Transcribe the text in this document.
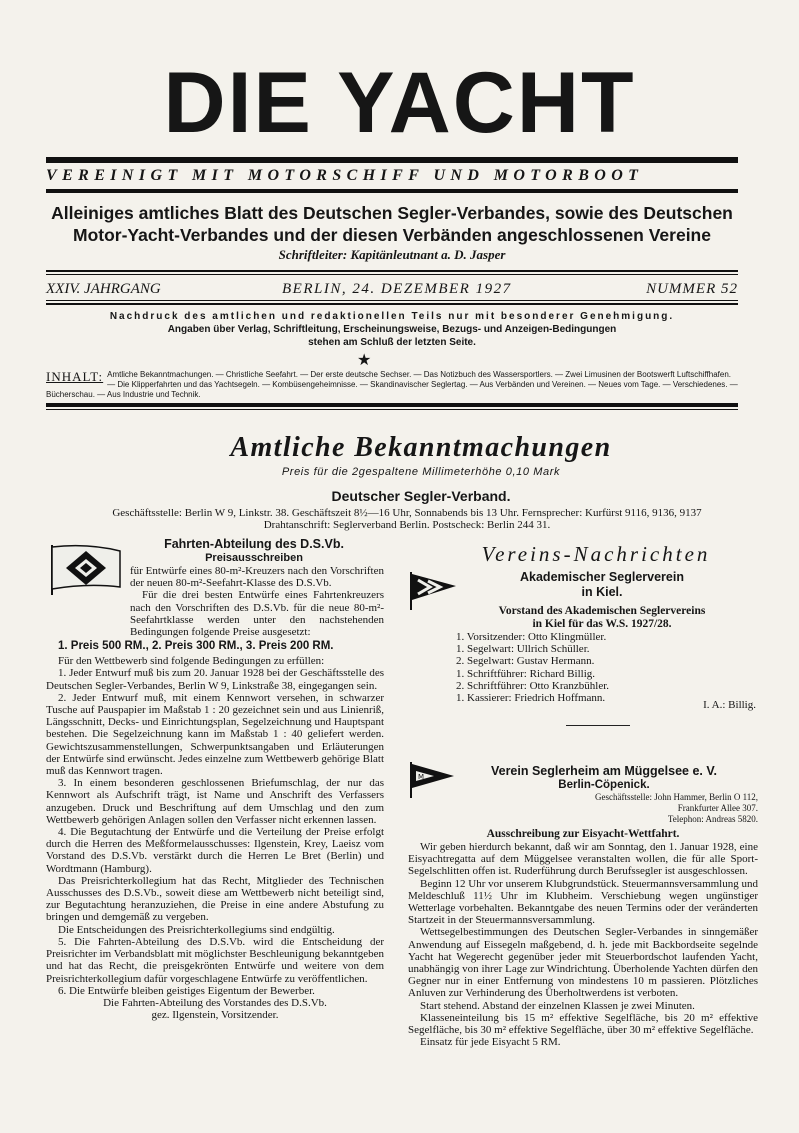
DIE YACHT
VEREINIGT MIT MOTORSCHIFF UND MOTORBOOT
Alleiniges amtliches Blatt des Deutschen Segler-Verbandes, sowie des Deutschen
Motor-Yacht-Verbandes und der diesen Verbänden angeschlossenen Vereine
Schriftleiter: Kapitänleutnant a. D. Jasper
XXIV. JAHRGANG	BERLIN, 24. DEZEMBER 1927	NUMMER 52
Nachdruck des amtlichen und redaktionellen Teils nur mit besonderer Genehmigung.
Angaben über Verlag, Schriftleitung, Erscheinungsweise, Bezugs- und Anzeigen-Bedingungen
stehen am Schluß der letzten Seite.
★
INHALT: Amtliche Bekanntmachungen. — Christliche Seefahrt. — Der erste deutsche Sechser. — Das Notizbuch des Wassersportlers. — Zwei Limusinen der Bootswerft Luftschiffhafen. — Die Klipperfahrten und das Yachtsegeln. — Kombüsengeheimnisse. — Skandinavischer Seglertag. — Aus Verbänden und Vereinen. — Neues vom Tage. — Verschiedenes. — Bücherschau. — Aus Industrie und Technik.
Amtliche Bekanntmachungen
Preis für die 2gespaltene Millimeterhöhe 0,10 Mark
Deutscher Segler-Verband.
Geschäftsstelle: Berlin W 9, Linkstr. 38. Geschäftszeit 8½—16 Uhr, Sonnabends bis 13 Uhr. Fernsprecher: Kurfürst 9116, 9136, 9137
Drahtanschrift: Seglerverband Berlin. Postscheck: Berlin 244 31.
Fahrten-Abteilung des D.S.Vb.
Preisausschreiben

für Entwürfe eines 80-m²-Kreuzers nach den Vorschriften der neuen 80-m²-Seefahrt-Klasse des D.S.Vb.

Für die drei besten Entwürfe eines Fahrtenkreuzers nach den Vorschriften des D.S.Vb. für die neue 80-m²-Seefahrtklasse werden unter den nachstehenden Bedingungen folgende Preise ausgesetzt:

1. Preis 500 RM., 2. Preis 300 RM., 3. Preis 200 RM.

Für den Wettbewerb sind folgende Bedingungen zu erfüllen:

1. Jeder Entwurf muß bis zum 20. Januar 1928 bei der Geschäftsstelle des Deutschen Segler-Verbandes, Berlin W 9, Linkstraße 38, eingegangen sein.

2. Jeder Entwurf muß, mit einem Kennwort versehen, in schwarzer Tusche auf Pauspapier im Maßstab 1 : 20 gezeichnet sein und aus Linienriß, Längsschnitt, Decks- und Einrichtungsplan, Segelzeichnung und Hauptspant bestehen. Die Segelzeichnung kann im Maßstab 1 : 40 geliefert werden. Gewichtszusammenstellungen, Schwerpunktsangaben und Erläuterungen der Entwürfe sind erwünscht. Jedes einzelne zum Wettbewerb gehörige Blatt muß das Kennwort tragen.

3. In einem besonderen geschlossenen Briefumschlag, der nur das Kennwort als Aufschrift trägt, ist Name und Anschrift des Verfassers anzugeben. Druck und Beschriftung auf dem Umschlag und den zum Wettbewerb gehörigen Anlagen sollen den Verfasser nicht erkennen lassen.

4. Die Begutachtung der Entwürfe und die Verteilung der Preise erfolgt durch die Herren des Meßformelausschusses: Ilgenstein, Krey, Laeisz vom Vorstand des D.S.Vb. verstärkt durch die Herren Le Bret (Berlin) und Wordtmann (Hamburg).

Das Preisrichterkollegium hat das Recht, Mitglieder des Technischen Ausschusses des D.S.Vb., soweit diese am Wettbewerb nicht beteiligt sind, zur Begutachtung heranzuziehen, die Preise in eine andere Abstufung zu bringen und demgemäß zu vergeben.

Die Entscheidungen des Preisrichterkollegiums sind endgültig.

5. Die Fahrten-Abteilung des D.S.Vb. wird die Entscheidung der Preisrichter im Verbandsblatt mit möglichster Beschleunigung bekanntgeben und hat das Recht, die preisgekrönten Entwürfe und weitere von dem Preisrichterkollegium dafür vorgeschlagene Entwürfe zu veröffentlichen.

6. Die Entwürfe bleiben geistiges Eigentum der Bewerber.

Die Fahrten-Abteilung des Vorstandes des D.S.Vb.

gez. Ilgenstein, Vorsitzender.

Vereins-Nachrichten
Akademischer Seglerverein
in Kiel.
Vorstand des Akademischen Seglervereins
in Kiel für das W.S. 1927/28.
1. Vorsitzender: Otto Klingmüller.
1. Segelwart: Ullrich Schüller.
2. Segelwart: Gustav Hermann.
1. Schriftführer: Richard Billig.
2. Schriftführer: Otto Kranzbühler.
1. Kassierer: Friedrich Hoffmann.
I. A.: Billig.
M	Verein Seglerheim am Müggelsee e. V.
Berlin-Cöpenick.
Geschäftsstelle: John Hammer, Berlin O 112,
Frankfurter Allee 307.
Telephon: Andreas 5820.
Ausschreibung zur Eisyacht-Wettfahrt.

Wir geben hierdurch bekannt, daß wir am Sonntag, den 1. Januar 1928, eine Eisyachtregatta auf dem Müggelsee veranstalten wollen, die für alle Sport-Segelschlitten offen ist. Ruderführung durch Berufssegler ist ausgeschlossen.

Beginn 12 Uhr vor unserem Klubgrundstück. Steuermannsversammlung und Meldeschluß 11½ Uhr im Klubheim. Verschiebung wegen ungünstiger Wetterlage vorbehalten. Bekanntgabe des neuen Termins oder der veränderten Startzeit in der Steuermannsversammlung.

Wettsegelbestimmungen des Deutschen Segler-Verbandes in sinngemäßer Anwendung auf Eissegeln maßgebend, d. h. jede mit Backbordseite segelnde Yacht hat Wegerecht gegenüber jeder mit Steuerbordschot laufenden Yacht, unabhängig von ihrer Lage zur Windrichtung. Überholende Yachten dürfen den Gegner nur in einer Entfernung von mindestens 10 m passieren. Plötzliches Anluven zur Verhinderung des Überholtwerdens ist verboten.

Start stehend. Abstand der einzelnen Klassen je zwei Minuten.

Klasseneinteilung bis 15 m² effektive Segelfläche, bis 20 m² effektive Segelfläche, bis 30 m² effektive Segelfläche, über 30 m² effektive Segelfläche.

Einsatz für jede Eisyacht 5 RM.
